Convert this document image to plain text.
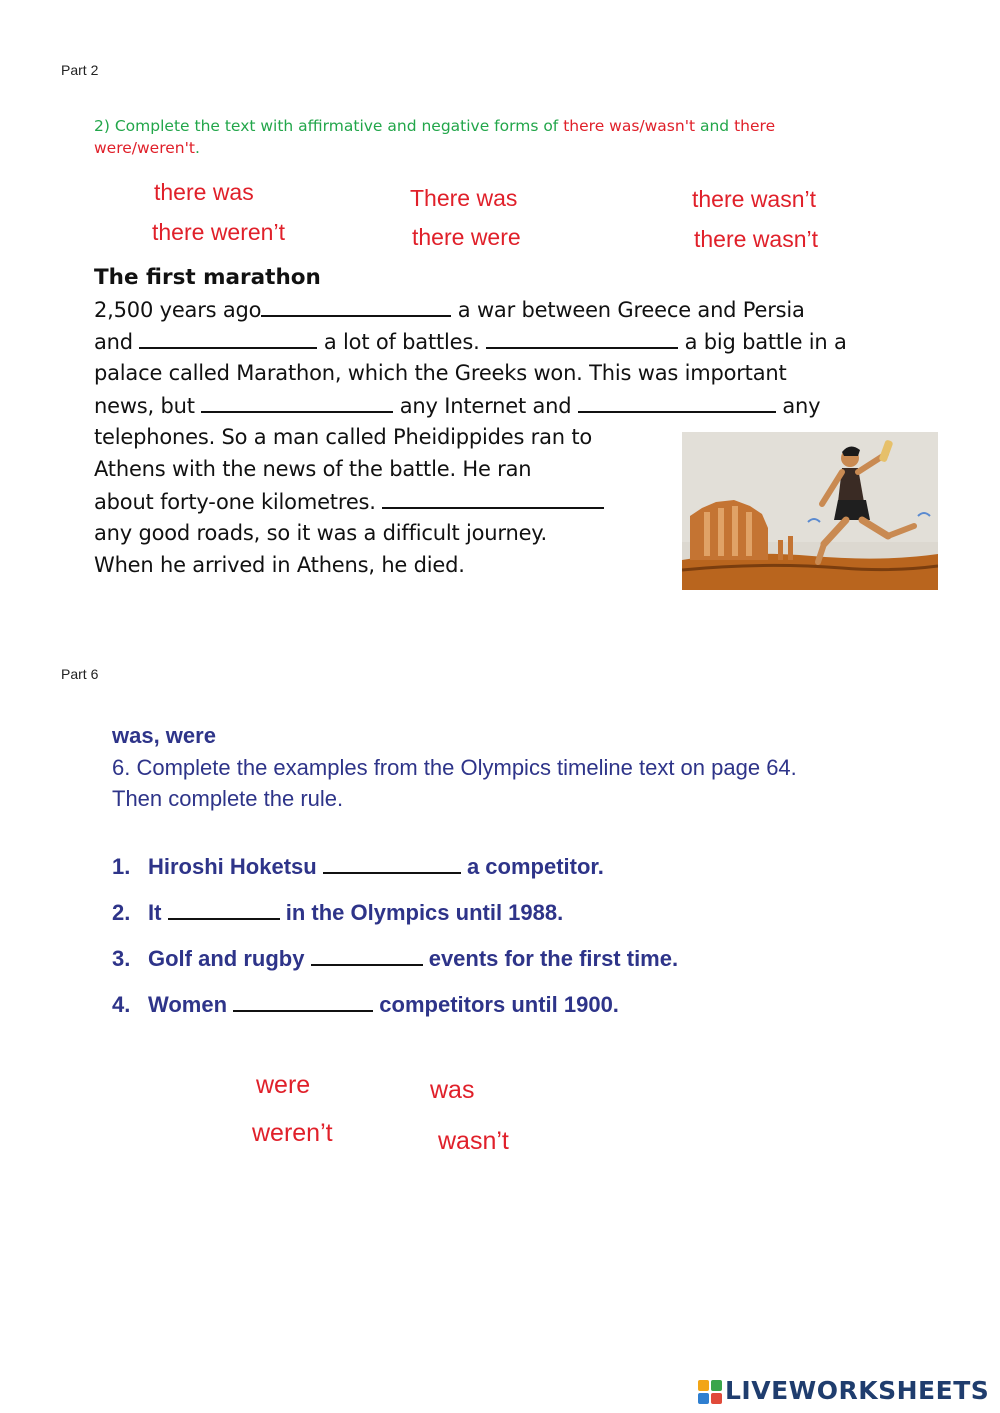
Part 2
2) Complete the text with affirmative and negative forms of there was/wasn't and there
were/weren't.
there was	There was	there wasn’t
there weren’t	there were	there wasn’t
The first marathon
2,500 years ago	a war between Greece and Persia
and	a lot of battles.	a big battle in a
palace called Marathon, which the Greeks won. This was important
news, but	any Internet and	any
telephones. So a man called Pheidippides ran to
Athens with the news of the battle. He ran
about forty-one kilometres.
any good roads, so it was a difficult journey.
When he arrived in Athens, he died.
Part 6
was, were
6. Complete the examples from the Olympics timeline text on page 64.
Then complete the rule.
1. Hiroshi Hoketsu	a competitor.
2. It	in the Olympics until 1988.
3. Golf and rugby	events for the first time.
4. Women	competitors until 1900.
were	was
weren’t	wasn’t
LIVEWORKSHEETS
